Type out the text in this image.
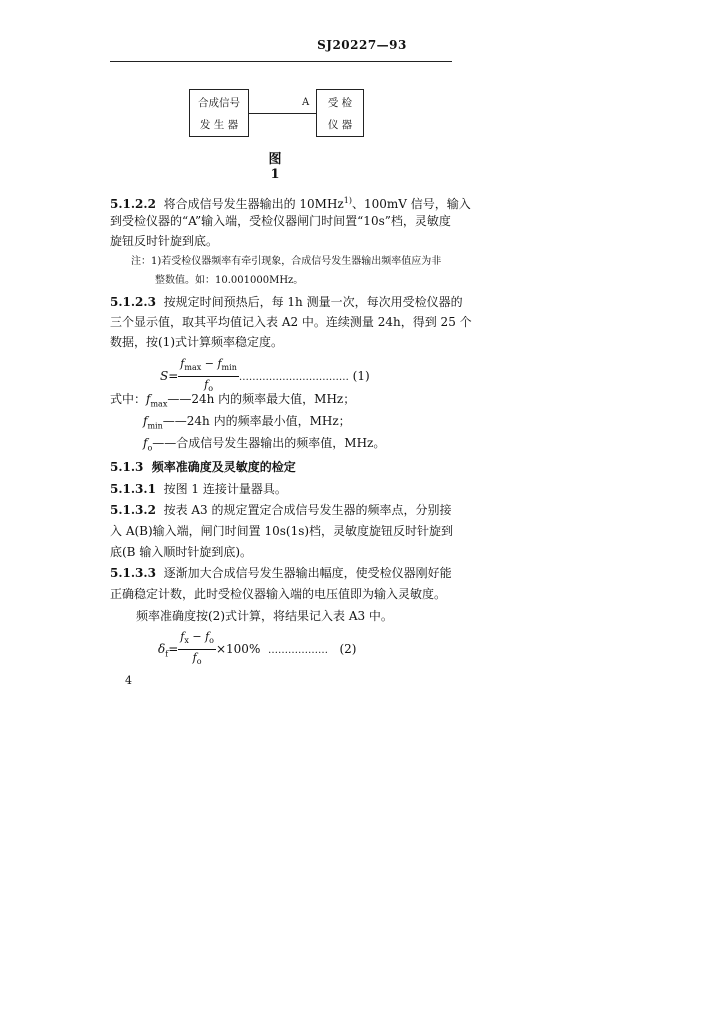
SJ20227—93
合成信号
发 生 器
A	受 检
仪 器
图 1
5.1.2.2 将合成信号发生器输出的 10MHz$^{1)}$、100mV 信号，输入
到受检仪器的“A”输入端，受检仪器闸门时间置“10s”档，灵敏度
旋钮反时针旋到底。
注：1)若受检仪器频率有牵引现象，合成信号发生器输出频率值应为非
整数值。如：10.001000MHz。
5.1.2.3 按规定时间预热后，每 1h 测量一次，每次用受检仪器的
三个显示值，取其平均值记入表 A2 中。连续测量 24h，得到 25 个
数据，按(1)式计算频率稳定度。
$S= \frac{f_{max} - f_{min}}{f_o}$ …………………………… (1)
式中：$f_{max}——24h$ 内的频率最大值，MHz；
$f_{min}——24h$ 内的频率最小值，MHz；
$f_o——$合成信号发生器输出的频率值，MHz。
5.1.3 频率准确度及灵敏度的检定
5.1.3.1 按图 1 连接计量器具。
5.1.3.2 按表 A3 的规定置定合成信号发生器的频率点，分别接
入 A(B)输入端，闸门时间置 10s(1s)档，灵敏度旋钮反时针旋到
底(B 输入顺时针旋到底)。
5.1.3.3 逐渐加大合成信号发生器输出幅度，使受检仪器刚好能
正确稳定计数，此时受检仪器输入端的电压值即为输入灵敏度。
频率准确度按(2)式计算，将结果记入表 A3 中。
$\delta_f= \frac{f_x - f_o}{f_o} \times 100\%$ ……………… (2)
4
